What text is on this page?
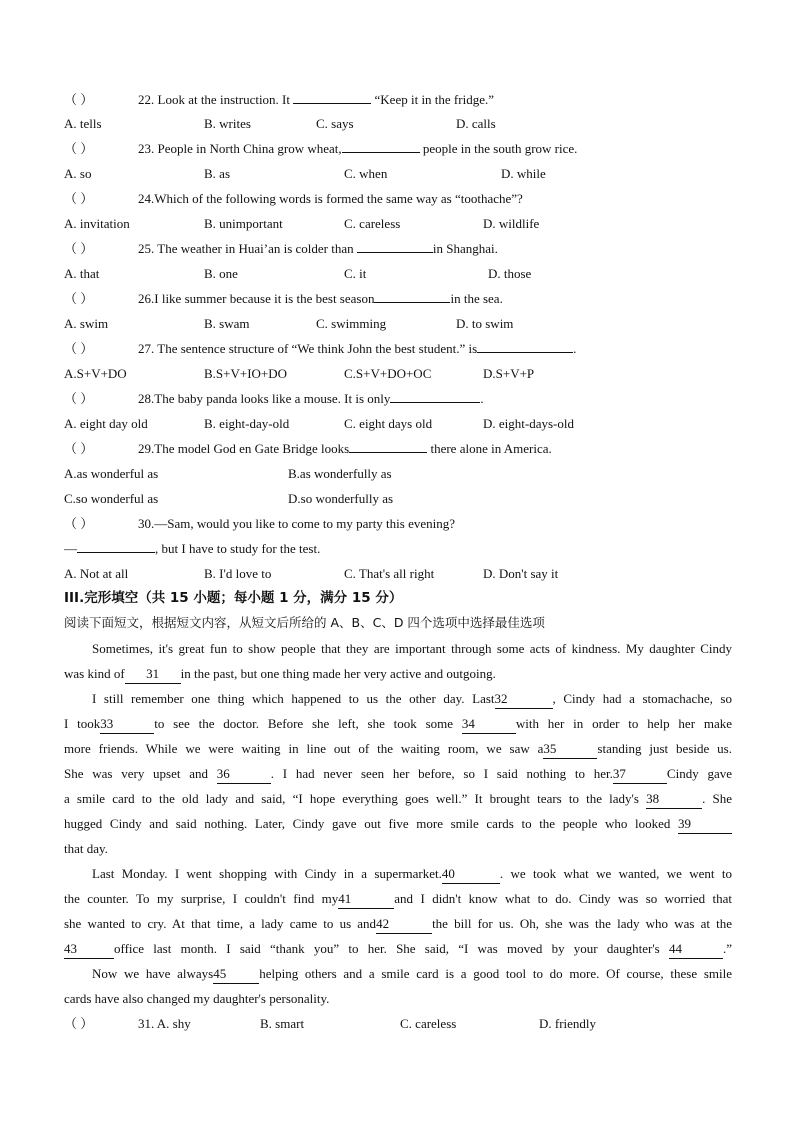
（ ）	22. Look at the instruction. It	“Keep it in the fridge.”
A. tells	B. writes	C. says	D. calls
（ ）	23. People in North China grow wheat,	people in the south grow rice.
A. so	B. as	C. when	D. while
（ ）	24.Which of the following words is formed the same way as “toothache”?
A. invitation	B. unimportant	C. careless	D. wildlife
（ ）	25. The weather in Huai’an is colder than	in Shanghai.
A. that	B. one	C. it	D. those
（ ）	26.I like summer because it is the best season	in the sea.
A. swim	B. swam	C. swimming	D. to swim
（ ）	27. The sentence structure of “We think John the best student.” is	.
A.S+V+DO	B.S+V+IO+DO	C.S+V+DO+OC	D.S+V+P
（ ）	28.The baby panda looks like a mouse. It is only	.
A. eight day old	B. eight-day-old	C. eight days old	D. eight-days-old
（ ）	29.The model God en Gate Bridge looks	there alone in America.
A.as wonderful as	B.as wonderfully as
C.so wonderful as	D.so wonderfully as
（ ）	30.—Sam, would you like to come to my party this evening?
—	, but I have to study for the test.
A. Not at all	B. I'd love to	C. That's all right	D. Don't say it
III.完形填空（共 15 小题；每小题 1 分，满分 15 分）
阅读下面短文，根据短文内容，从短文后所给的 A、B、C、D 四个选项中选择最佳选项
Sometimes, it's great fun to show people that they are important through some acts of kindness. My daughter Cindy
was kind of 31 in the past, but one thing made her very active and outgoing.
I still remember one thing which happened to us the other day. Last32	, Cindy had a stomachache, so
I took33	to see the doctor. Before she left, she took some 34	with her in order to help her make
more friends. While we were waiting in line out of the waiting room, we saw a35	standing just beside us.
She was very upset and 36	. I had never seen her before, so I said nothing to her.37	Cindy gave
a smile card to the old lady and said, “I hope everything goes well.” It brought tears to the lady's 38	. She
hugged Cindy and said nothing. Later, Cindy gave out five more smile cards to the people who looked 39
that day.
Last Monday. I went shopping with Cindy in a supermarket.40	. we took what we wanted, we went to
the counter. To my surprise, I couldn't find my41	and I didn't know what to do. Cindy was so worried that
she wanted to cry. At that time, a lady came to us and42	the bill for us. Oh, she was the lady who was at the
43	office last month. I said “thank you” to her. She said, “I was moved by your daughter's 44	.”
Now we have always45	helping others and a smile card is a good tool to do more. Of course, these smile
cards have also changed my daughter's personality.
（ ）	31. A. shy	B. smart	C. careless	D. friendly
